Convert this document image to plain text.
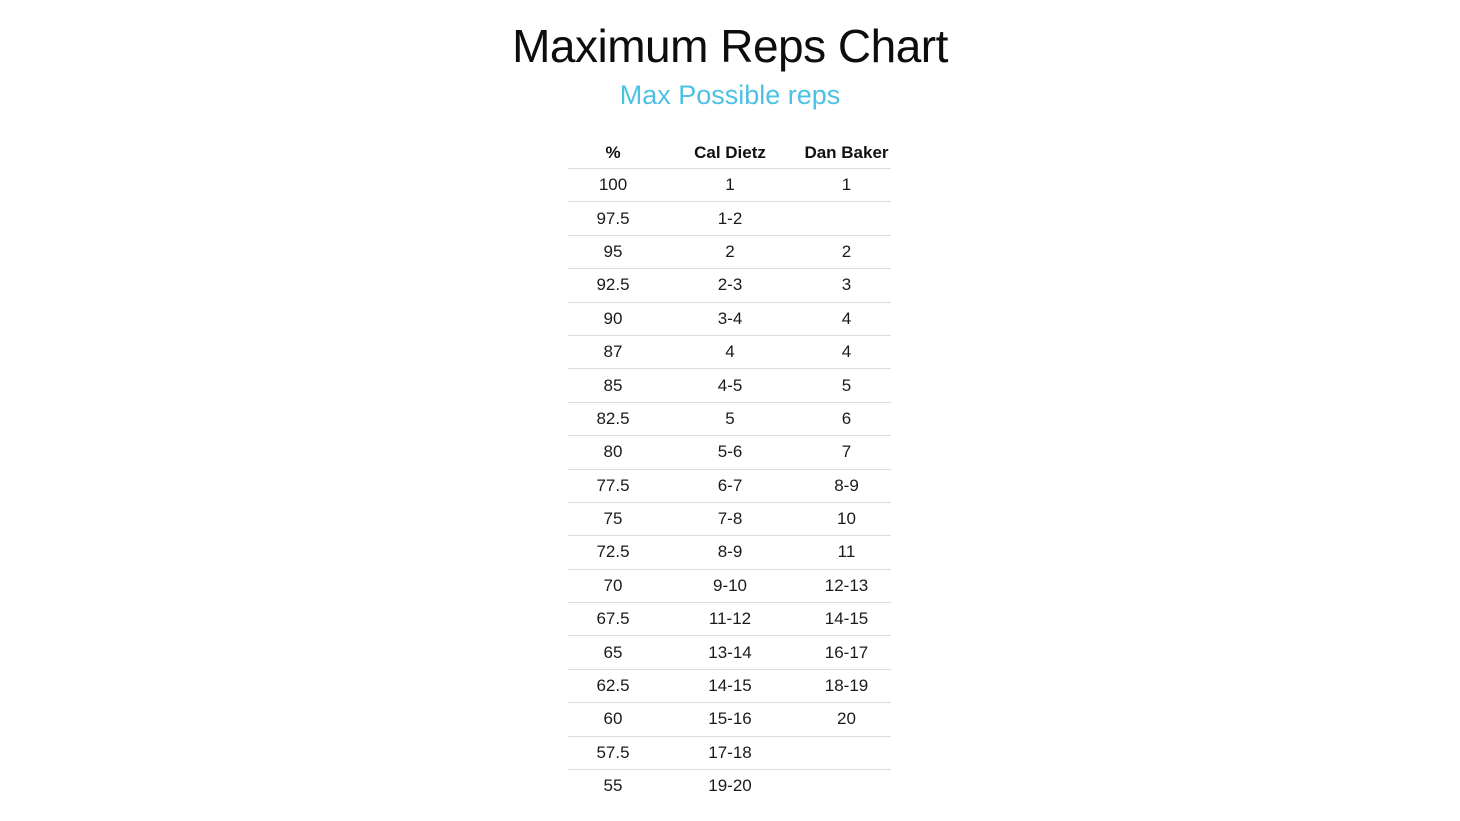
Maximum Reps Chart
Max Possible reps
%	Cal Dietz	Dan Baker
100	1	1
97.5	1-2	
95	2	2
92.5	2-3	3
90	3-4	4
87	4	4
85	4-5	5
82.5	5	6
80	5-6	7
77.5	6-7	8-9
75	7-8	10
72.5	8-9	11
70	9-10	12-13
67.5	11-12	14-15
65	13-14	16-17
62.5	14-15	18-19
60	15-16	20
57.5	17-18	
55	19-20	
